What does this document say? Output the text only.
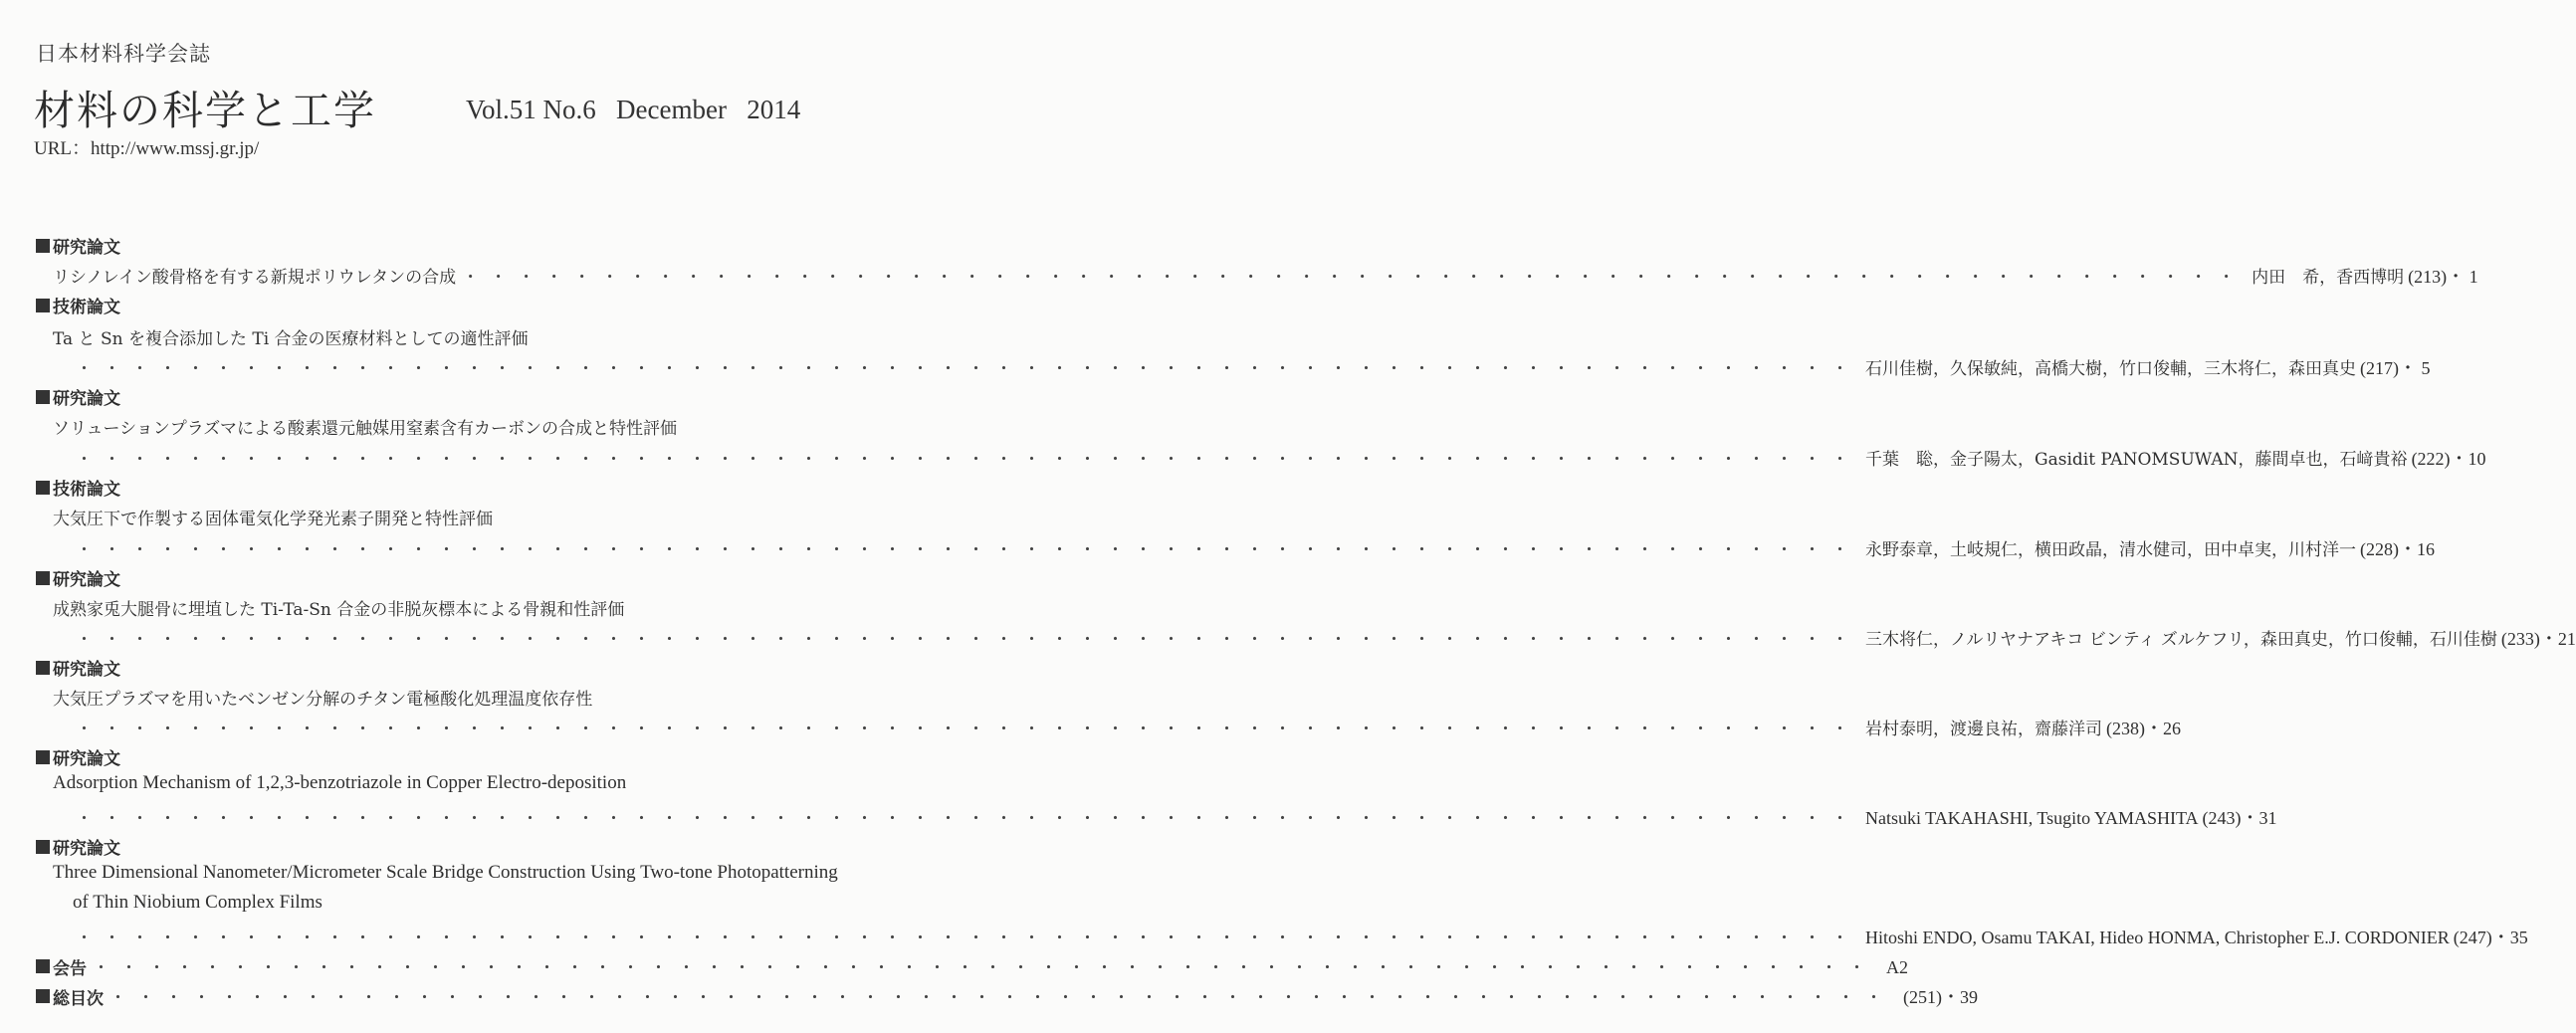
日本材料科学会誌
材料の科学と工学	Vol.51 No.6   December   2014
URL：http://www.mssj.gr.jp/
研究論文
リシノレイン酸骨格を有する新規ポリウレタンの合成 ・・・・・・・・・・・・・・・・・・・・・・・・・・・・・・・・・・・・・・・・・・・・・・・・・・・・・・・・・・・・・・・・ 内田　希，香西博明 (213)・ 1
技術論文
Ta と Sn を複合添加した Ti 合金の医療材料としての適性評価
・・・・・・・・・・・・・・・・・・・・・・・・・・・・・・・・・・・・・・・・・・・・・・・・・・・・・・・・・・・・・・・・ 石川佳樹，久保敏純，高橋大樹，竹口俊輔，三木将仁，森田真史 (217)・ 5
研究論文
ソリューションプラズマによる酸素還元触媒用窒素含有カーボンの合成と特性評価
・・・・・・・・・・・・・・・・・・・・・・・・・・・・・・・・・・・・・・・・・・・・・・・・・・・・・・・・・・・・・・・・ 千葉　聡，金子陽太，Gasidit PANOMSUWAN，藤間卓也，石﨑貴裕 (222)・10
技術論文
大気圧下で作製する固体電気化学発光素子開発と特性評価
・・・・・・・・・・・・・・・・・・・・・・・・・・・・・・・・・・・・・・・・・・・・・・・・・・・・・・・・・・・・・・・・ 永野泰章，土岐規仁，横田政晶，清水健司，田中卓実，川村洋一 (228)・16
研究論文
成熟家兎大腿骨に埋埴した Ti-Ta-Sn 合金の非脱灰標本による骨親和性評価
・・・・・・・・・・・・・・・・・・・・・・・・・・・・・・・・・・・・・・・・・・・・・・・・・・・・・・・・・・・・・・・・ 三木将仁，ノルリヤナアキコ ビンティ ズルケフリ，森田真史，竹口俊輔，石川佳樹 (233)・21
研究論文
大気圧プラズマを用いたベンゼン分解のチタン電極酸化処理温度依存性
・・・・・・・・・・・・・・・・・・・・・・・・・・・・・・・・・・・・・・・・・・・・・・・・・・・・・・・・・・・・・・・・ 岩村泰明，渡邊良祐，齋藤洋司 (238)・26
研究論文
Adsorption Mechanism of 1,2,3-benzotriazole in Copper Electro-deposition
・・・・・・・・・・・・・・・・・・・・・・・・・・・・・・・・・・・・・・・・・・・・・・・・・・・・・・・・・・・・・・・・ Natsuki TAKAHASHI, Tsugito YAMASHITA (243)・31
研究論文
Three Dimensional Nanometer/Micrometer Scale Bridge Construction Using Two-tone Photopatterning
of Thin Niobium Complex Films
・・・・・・・・・・・・・・・・・・・・・・・・・・・・・・・・・・・・・・・・・・・・・・・・・・・・・・・・・・・・・・・・ Hitoshi ENDO, Osamu TAKAI, Hideo HONMA, Christopher E.J. CORDONIER (247)・35
会告 ・・・・・・・・・・・・・・・・・・・・・・・・・・・・・・・・・・・・・・・・・・・・・・・・・・・・・・・・・・・・・・・・ A2
総目次 ・・・・・・・・・・・・・・・・・・・・・・・・・・・・・・・・・・・・・・・・・・・・・・・・・・・・・・・・・・・・・・・・ (251)・39
